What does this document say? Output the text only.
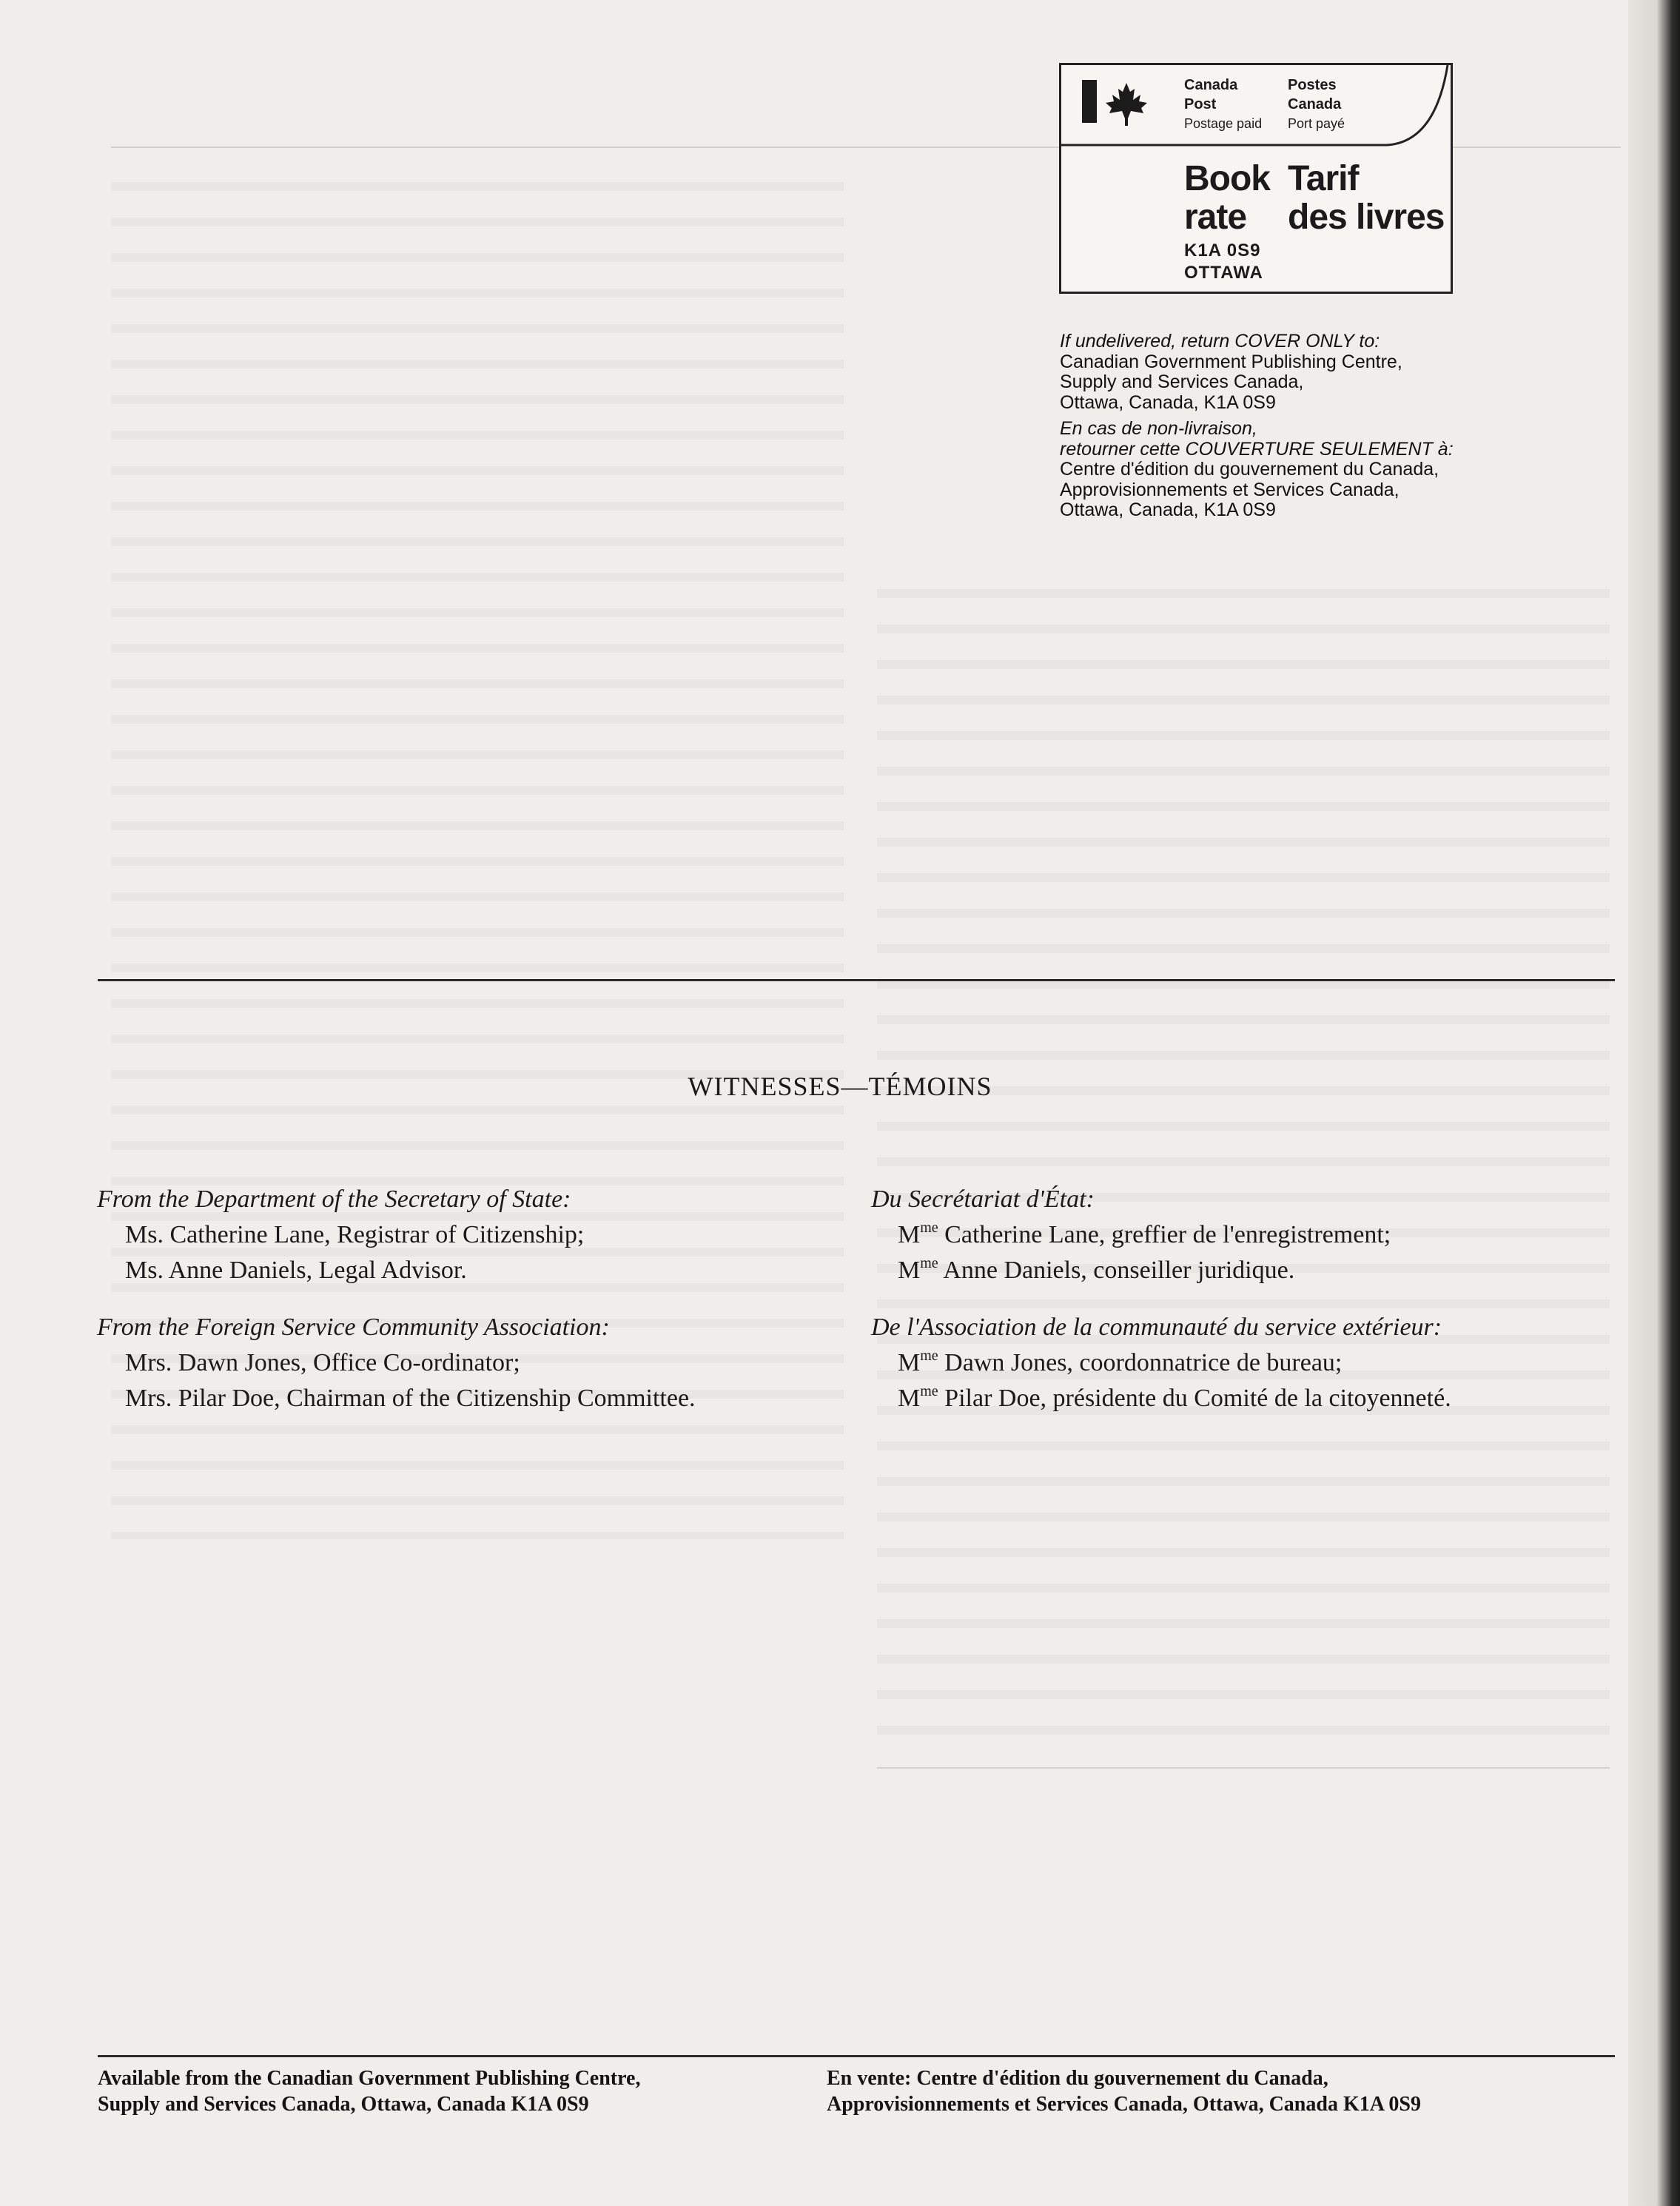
Canada
Post
Postage paid
Postes
Canada
Port payé
Book
rate
Tarif
des livres
K1A 0S9
OTTAWA

If undelivered, return COVER ONLY to:

Canadian Government Publishing Centre,

Supply and Services Canada,

Ottawa, Canada, K1A 0S9

En cas de non-livraison,

retourner cette COUVERTURE SEULEMENT à:

Centre d'édition du gouvernement du Canada,

Approvisionnements et Services Canada,

Ottawa, Canada, K1A 0S9

WITNESSES—TÉMOINS

From the Department of the Secretary of State:

Ms. Catherine Lane, Registrar of Citizenship;

Ms. Anne Daniels, Legal Advisor.

From the Foreign Service Community Association:

Mrs. Dawn Jones, Office Co-ordinator;

Mrs. Pilar Doe, Chairman of the Citizenship Committee.

Du Secrétariat d'État:

$M^{me}$ Catherine Lane, greffier de l'enregistrement;

$M^{me}$ Anne Daniels, conseiller juridique.

De l'Association de la communauté du service extérieur:

$M^{me}$ Dawn Jones, coordonnatrice de bureau;

$M^{me}$ Pilar Doe, présidente du Comité de la citoyenneté.

Available from the Canadian Government Publishing Centre,

Supply and Services Canada, Ottawa, Canada K1A 0S9

En vente: Centre d'édition du gouvernement du Canada,

Approvisionnements et Services Canada, Ottawa, Canada K1A 0S9
